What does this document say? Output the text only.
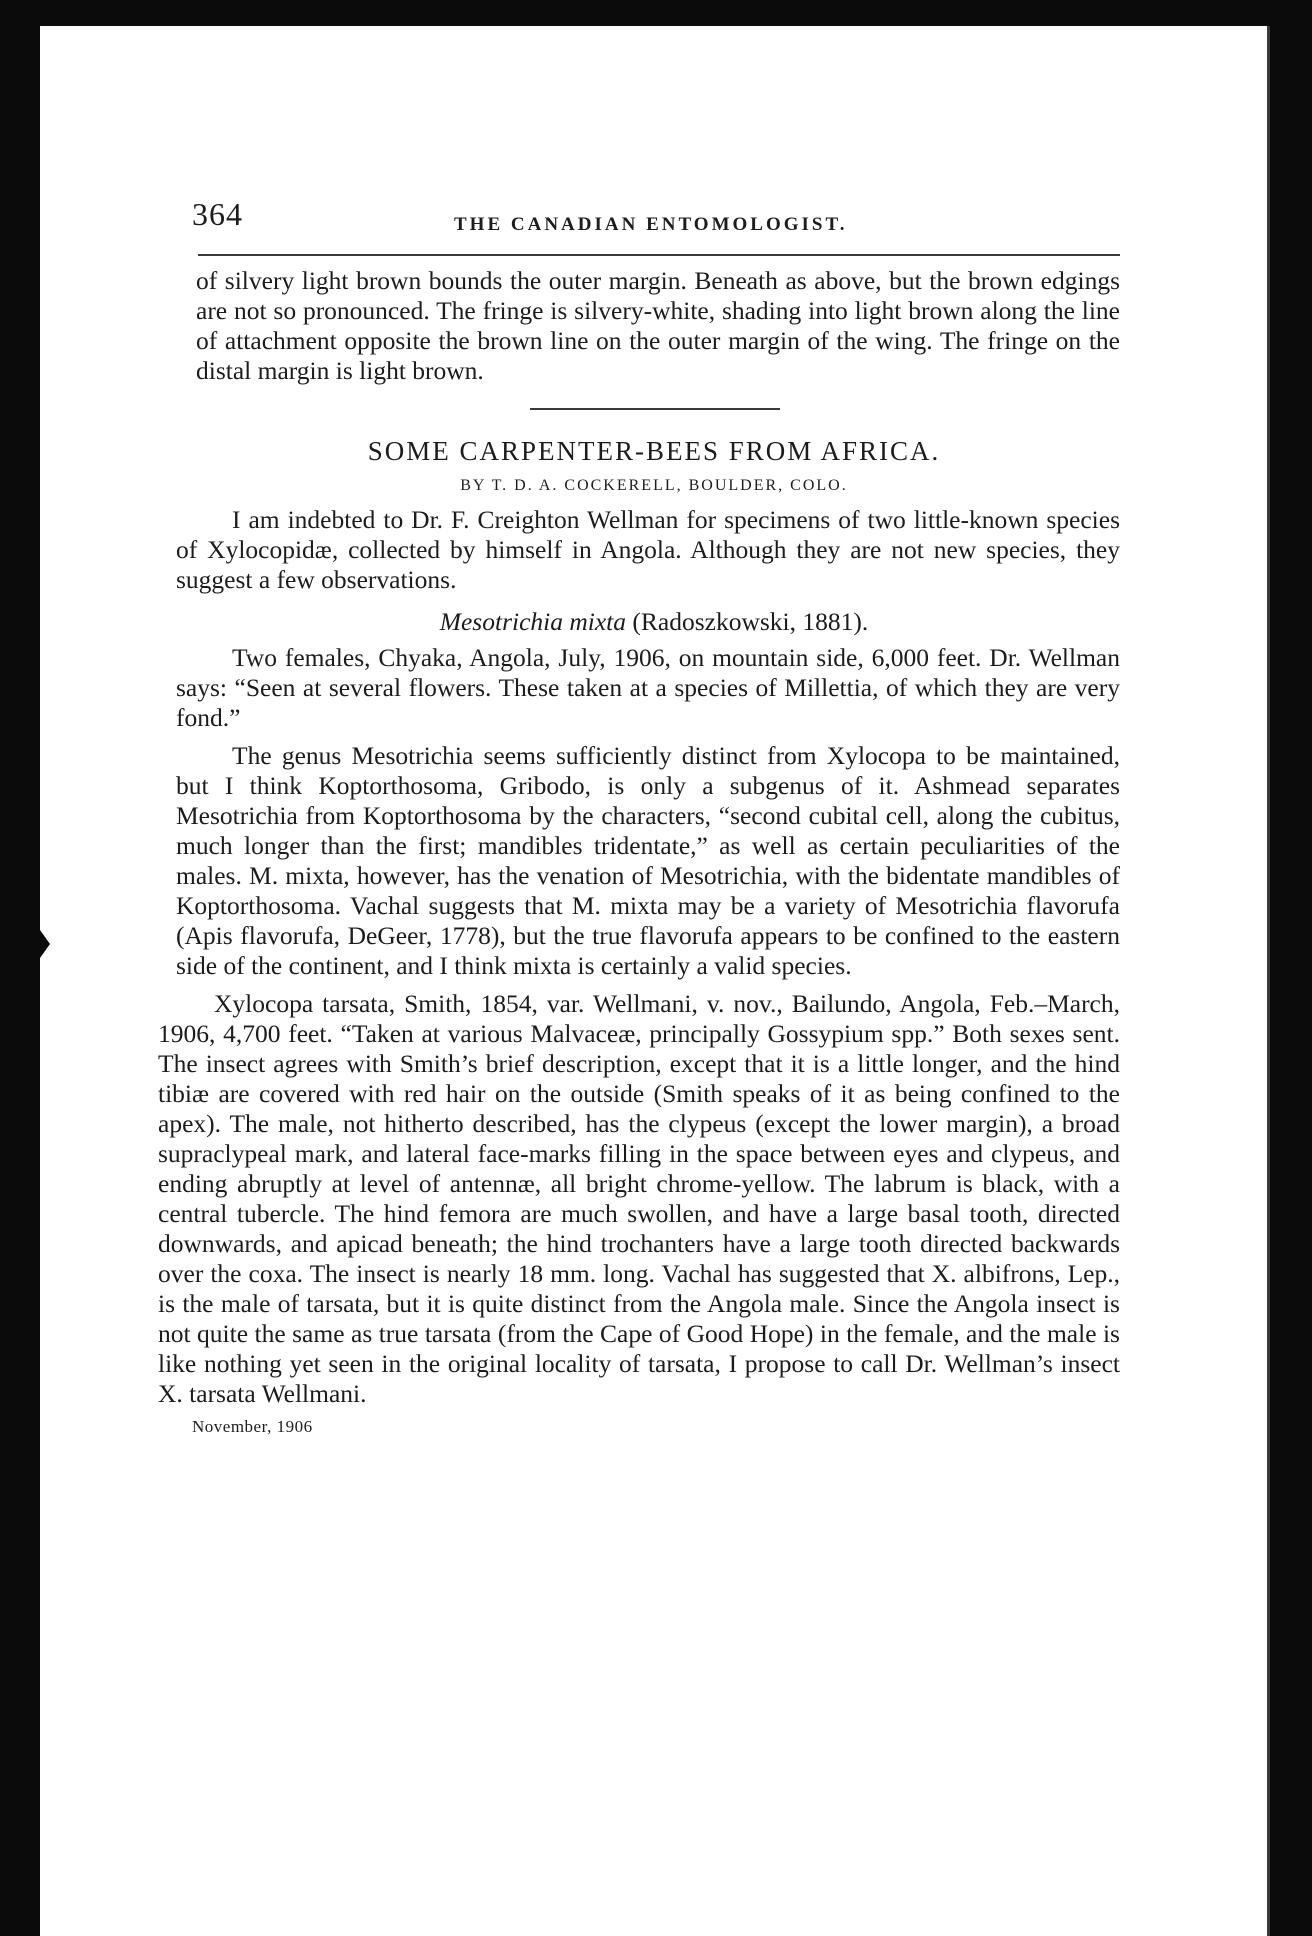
364	THE CANADIAN ENTOMOLOGIST.

of silvery light brown bounds the outer margin. Beneath as above, but the brown edgings are not so pronounced. The fringe is silvery-white, shading into light brown along the line of attachment opposite the brown line on the outer margin of the wing. The fringe on the distal margin is light brown.

SOME CARPENTER-BEES FROM AFRICA.
BY T. D. A. COCKERELL, BOULDER, COLO.

I am indebted to Dr. F. Creighton Wellman for specimens of two little-known species of Xylocopidæ, collected by himself in Angola. Although they are not new species, they suggest a few observations.

Mesotrichia mixta (Radoszkowski, 1881).

Two females, Chyaka, Angola, July, 1906, on mountain side, 6,000 feet. Dr. Wellman says: “Seen at several flowers. These taken at a species of Millettia, of which they are very fond.”

The genus Mesotrichia seems sufficiently distinct from Xylocopa to be maintained, but I think Koptorthosoma, Gribodo, is only a subgenus of it. Ashmead separates Mesotrichia from Koptorthosoma by the characters, “second cubital cell, along the cubitus, much longer than the first; mandibles tridentate,” as well as certain peculiarities of the males. M. mixta, however, has the venation of Mesotrichia, with the bidentate mandibles of Koptorthosoma. Vachal suggests that M. mixta may be a variety of Mesotrichia flavorufa (Apis flavorufa, DeGeer, 1778), but the true flavorufa appears to be confined to the eastern side of the continent, and I think mixta is certainly a valid species.

Xylocopa tarsata, Smith, 1854, var. Wellmani, v. nov., Bailundo, Angola, Feb.–March, 1906, 4,700 feet. “Taken at various Malvaceæ, principally Gossypium spp.” Both sexes sent. The insect agrees with Smith’s brief description, except that it is a little longer, and the hind tibiæ are covered with red hair on the outside (Smith speaks of it as being confined to the apex). The male, not hitherto described, has the clypeus (except the lower margin), a broad supraclypeal mark, and lateral face-marks filling in the space between eyes and clypeus, and ending abruptly at level of antennæ, all bright chrome-yellow. The labrum is black, with a central tubercle. The hind femora are much swollen, and have a large basal tooth, directed downwards, and apicad beneath; the hind trochanters have a large tooth directed backwards over the coxa. The insect is nearly 18 mm. long. Vachal has suggested that X. albifrons, Lep., is the male of tarsata, but it is quite distinct from the Angola male. Since the Angola insect is not quite the same as true tarsata (from the Cape of Good Hope) in the female, and the male is like nothing yet seen in the original locality of tarsata, I propose to call Dr. Wellman’s insect X. tarsata Wellmani.

November, 1906
